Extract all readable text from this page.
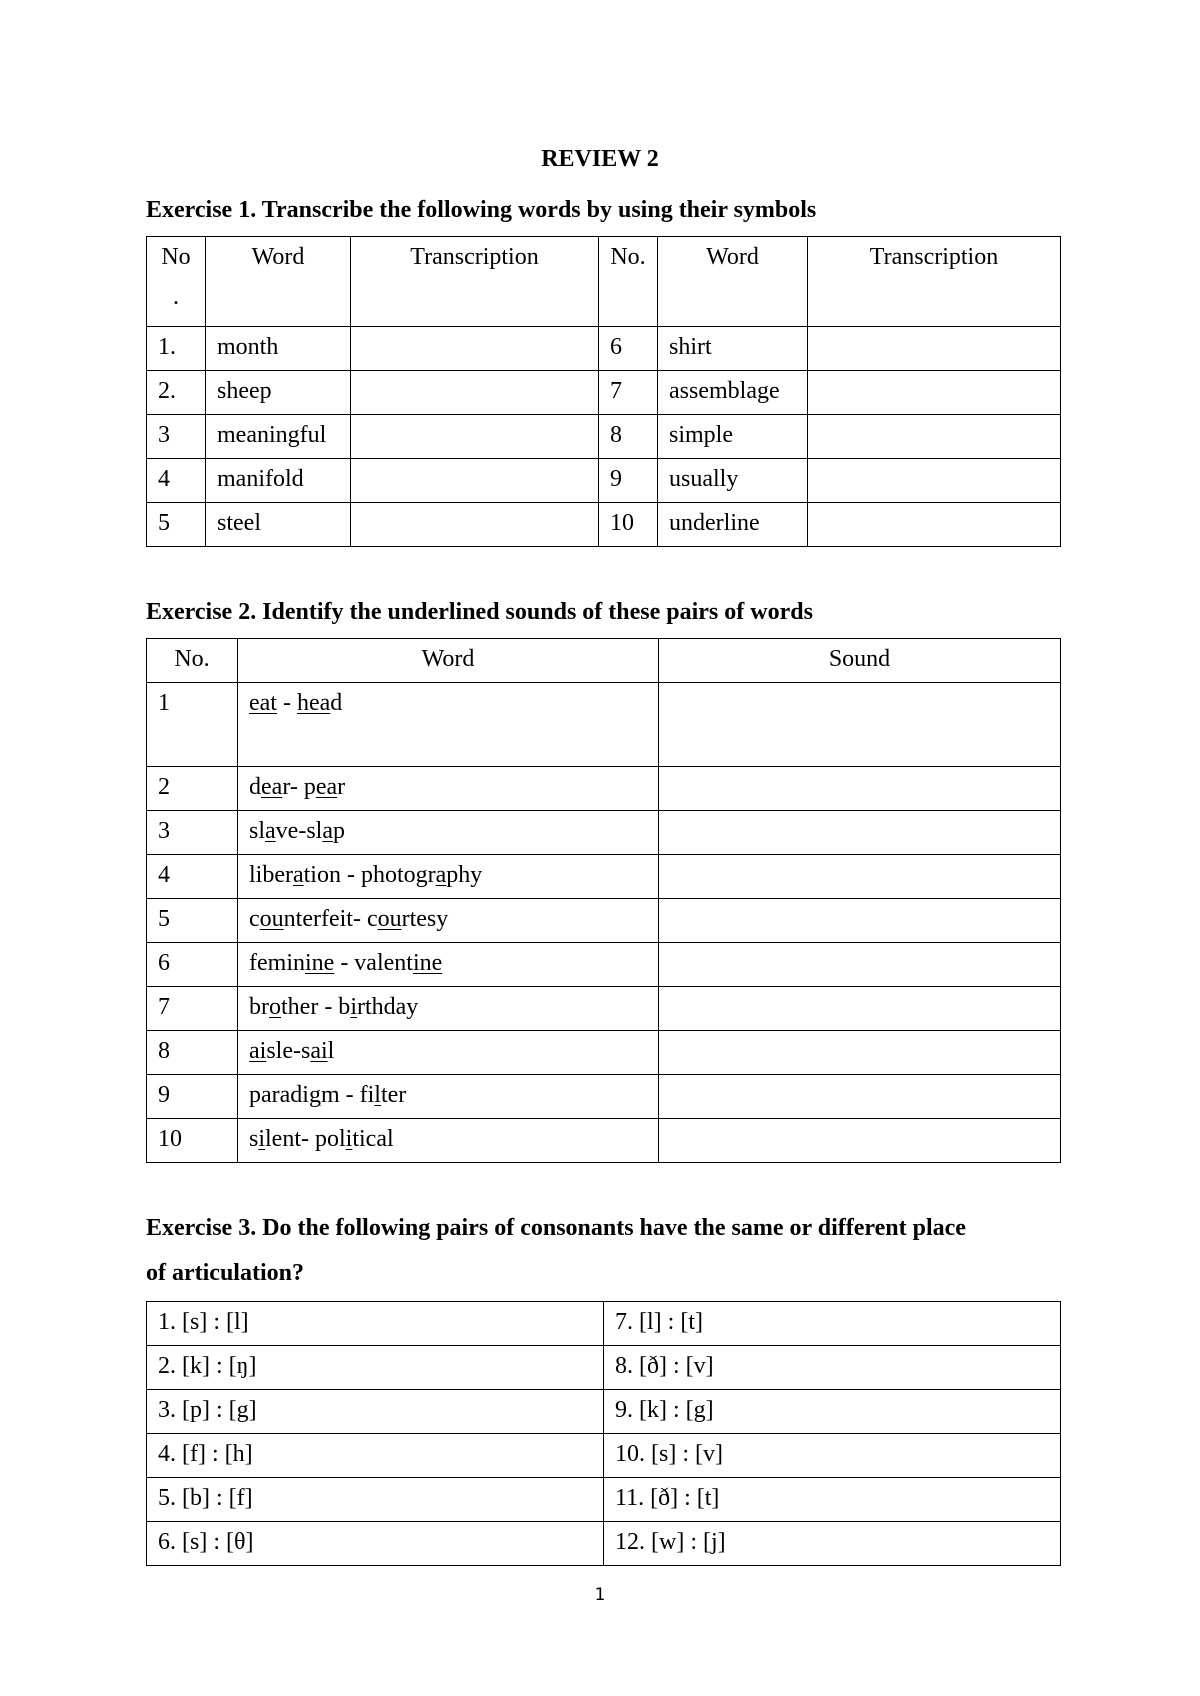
REVIEW 2
Exercise 1. Transcribe the following words by using their symbols
No
.	Word	Transcription	No.	Word	Transcription
1.	month		6	shirt	
2.	sheep		7	assemblage	
3	meaningful		8	simple	
4	manifold		9	usually	
5	steel		10	underline	
Exercise 2. Identify the underlined sounds of these pairs of words
No.	Word	Sound
1	eat - head	
2	dear- pear	
3	slave-slap	
4	liberation - photography	
5	counterfeit- courtesy	
6	feminine - valentine	
7	brother - birthday	
8	aisle-sail	
9	paradigm - filter	
10	silent- political	
Exercise 3. Do the following pairs of consonants have the same or different place
of articulation?
1. [s] : [l]	7. [l] : [t]
2. [k] : [ŋ]	8. [ð] : [v]
3. [p] : [g]	9. [k] : [g]
4. [f] : [h]	10. [s] : [v]
5. [b] : [f]	11. [ð] : [t]
6. [s] : [θ]	12. [w] : [j]
1
